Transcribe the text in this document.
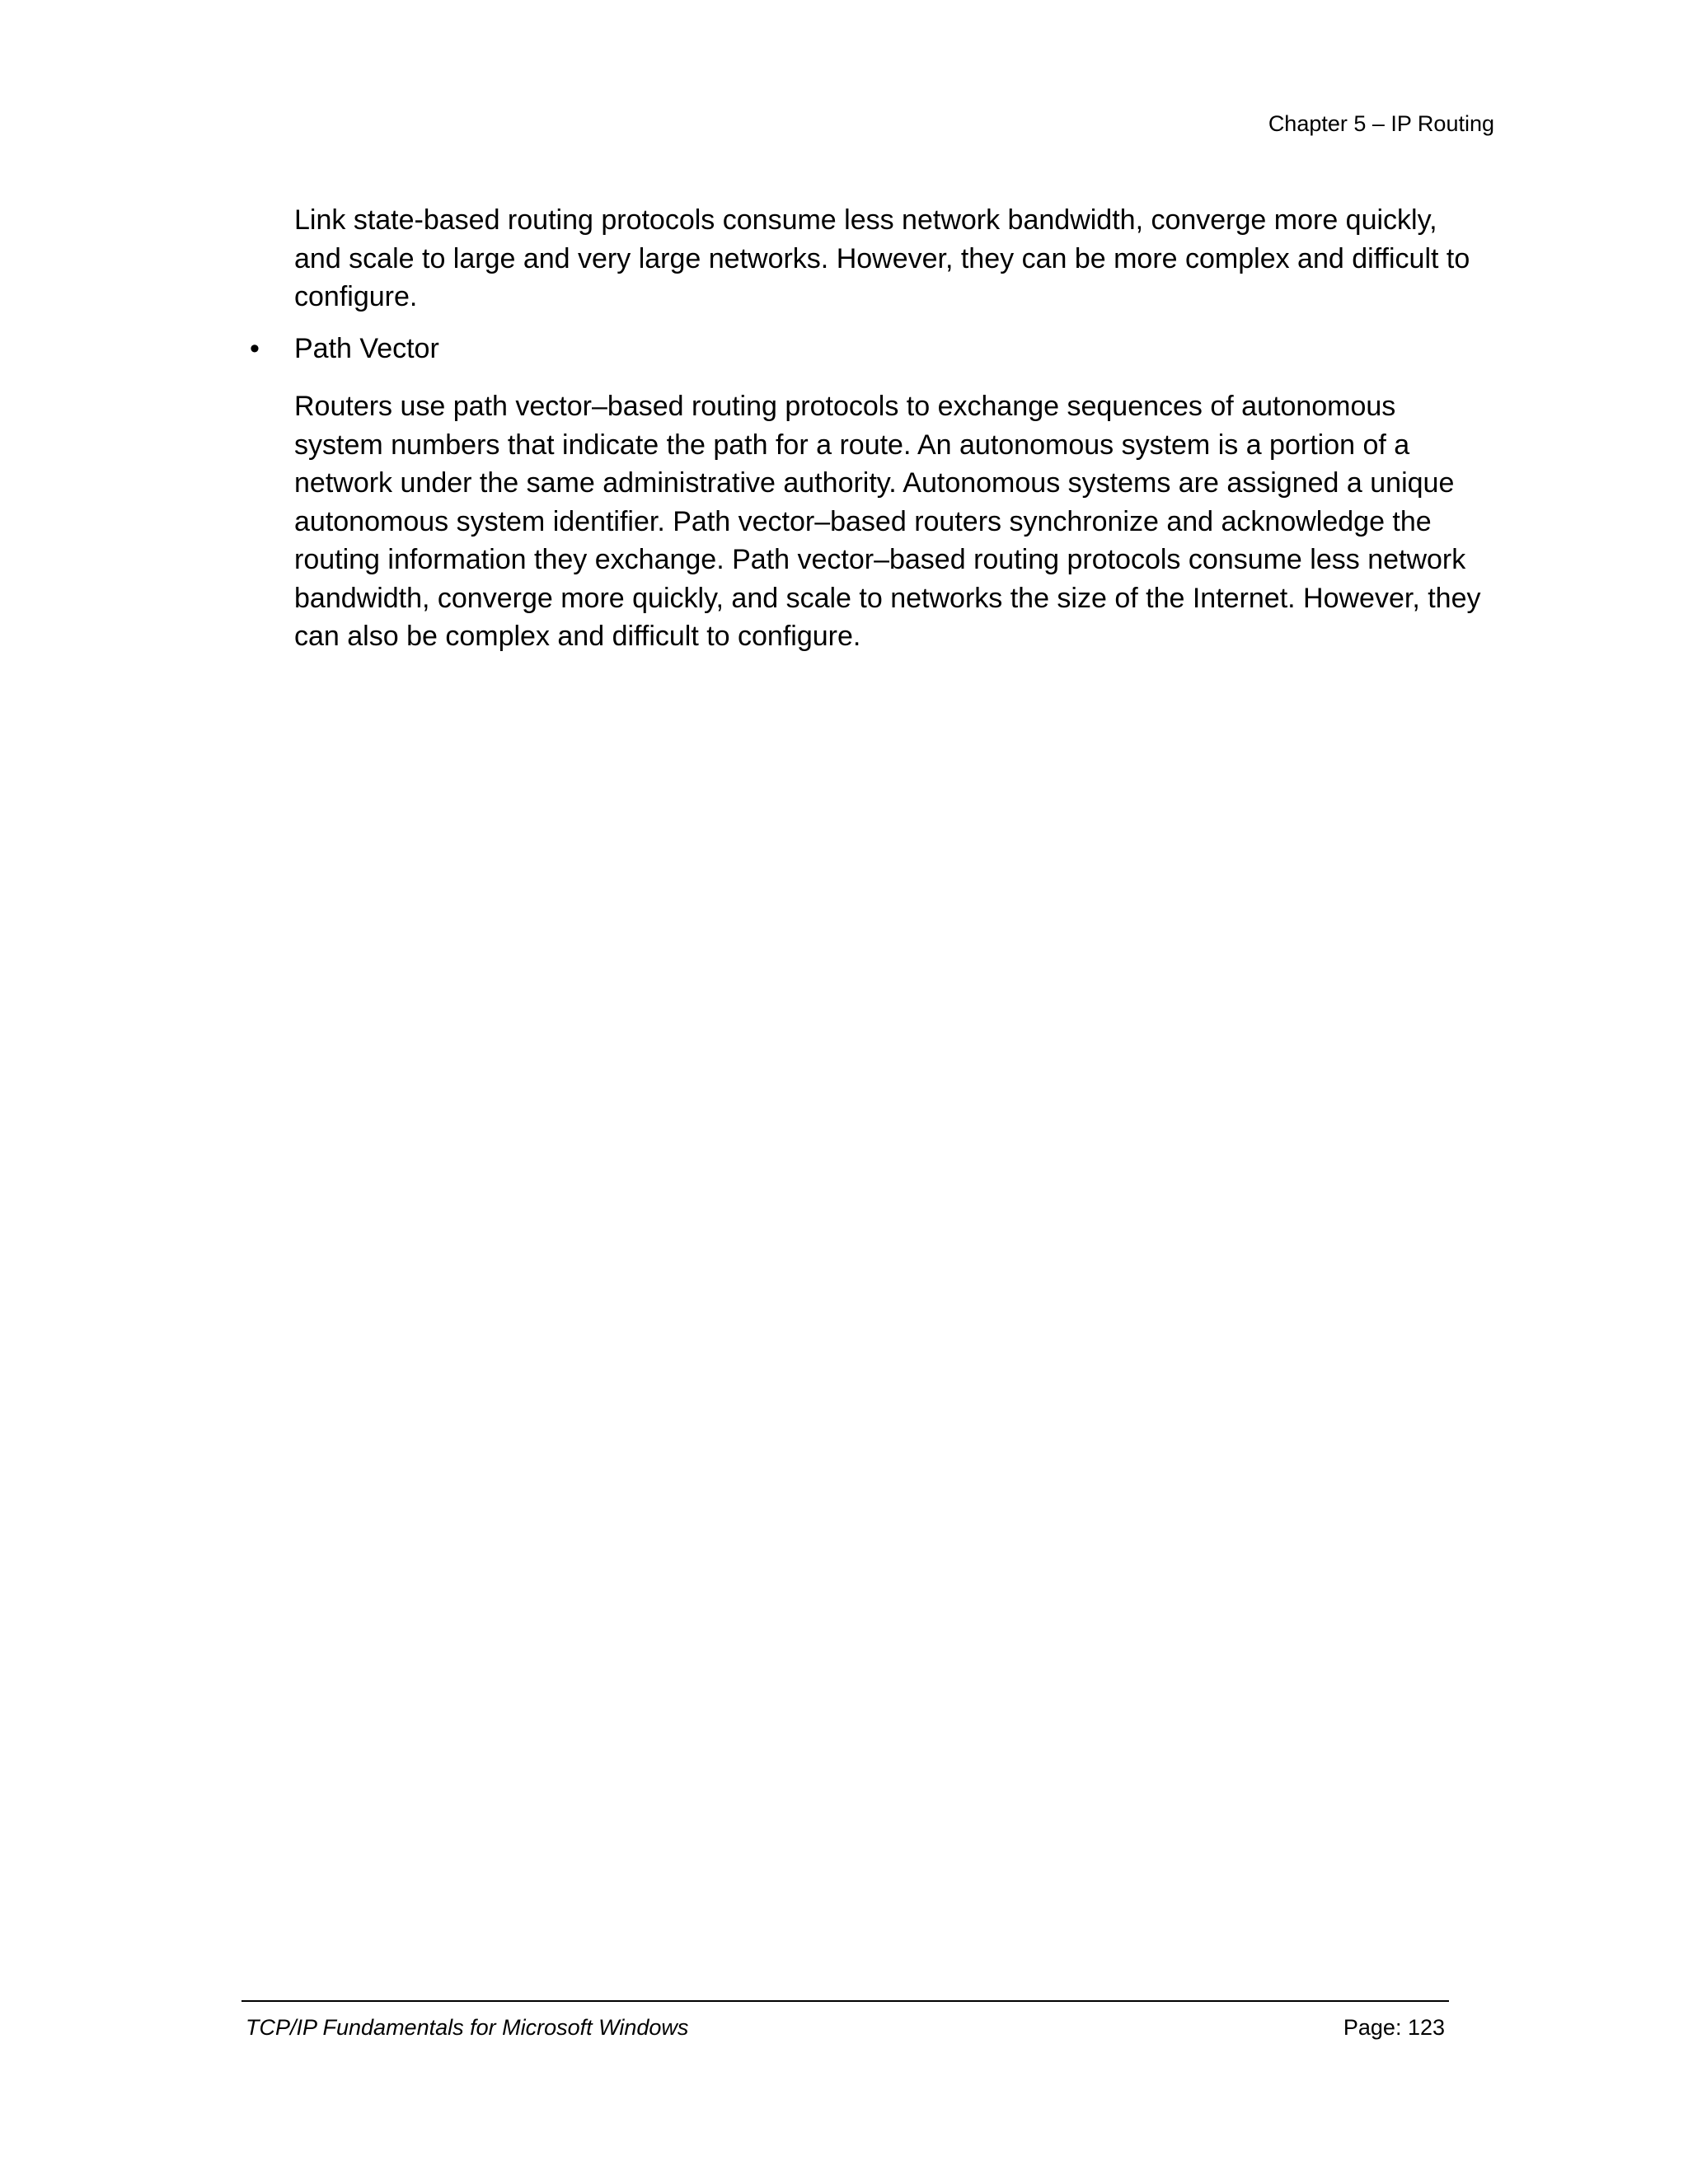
Chapter 5 – IP Routing

Link state-based routing protocols consume less network bandwidth, converge more quickly, and scale to large and very large networks. However, they can be more complex and difficult to configure.

• Path Vector

Routers use path vector–based routing protocols to exchange sequences of autonomous system numbers that indicate the path for a route. An autonomous system is a portion of a network under the same administrative authority. Autonomous systems are assigned a unique autonomous system identifier. Path vector–based routers synchronize and acknowledge the routing information they exchange. Path vector–based routing protocols consume less network bandwidth, converge more quickly, and scale to networks the size of the Internet. However, they can also be complex and difficult to configure.

TCP/IP Fundamentals for Microsoft Windows	Page: 123
